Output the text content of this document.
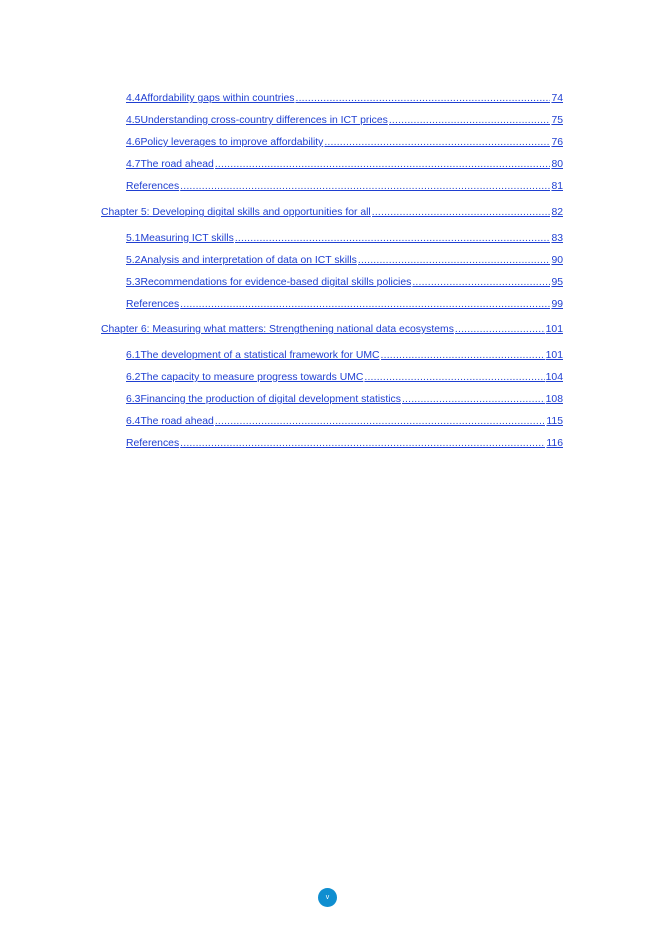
4.4 Affordability gaps within countries .....	74
4.5 Understanding cross-country differences in ICT prices .....	75
4.6 Policy leverages to improve affordability .....	76
4.7 The road ahead .....	80
References .....	81
Chapter 5: Developing digital skills and opportunities for all .....	82
5.1 Measuring ICT skills .....	83
5.2 Analysis and interpretation of data on ICT skills .....	90
5.3 Recommendations for evidence-based digital skills policies .....	95
References .....	99
Chapter 6: Measuring what matters: Strengthening national data ecosystems .....	101
6.1 The development of a statistical framework for UMC .....	101
6.2 The capacity to measure progress towards UMC .....	104
6.3 Financing the production of digital development statistics .....	108
6.4 The road ahead .....	115
References .....	116
v
